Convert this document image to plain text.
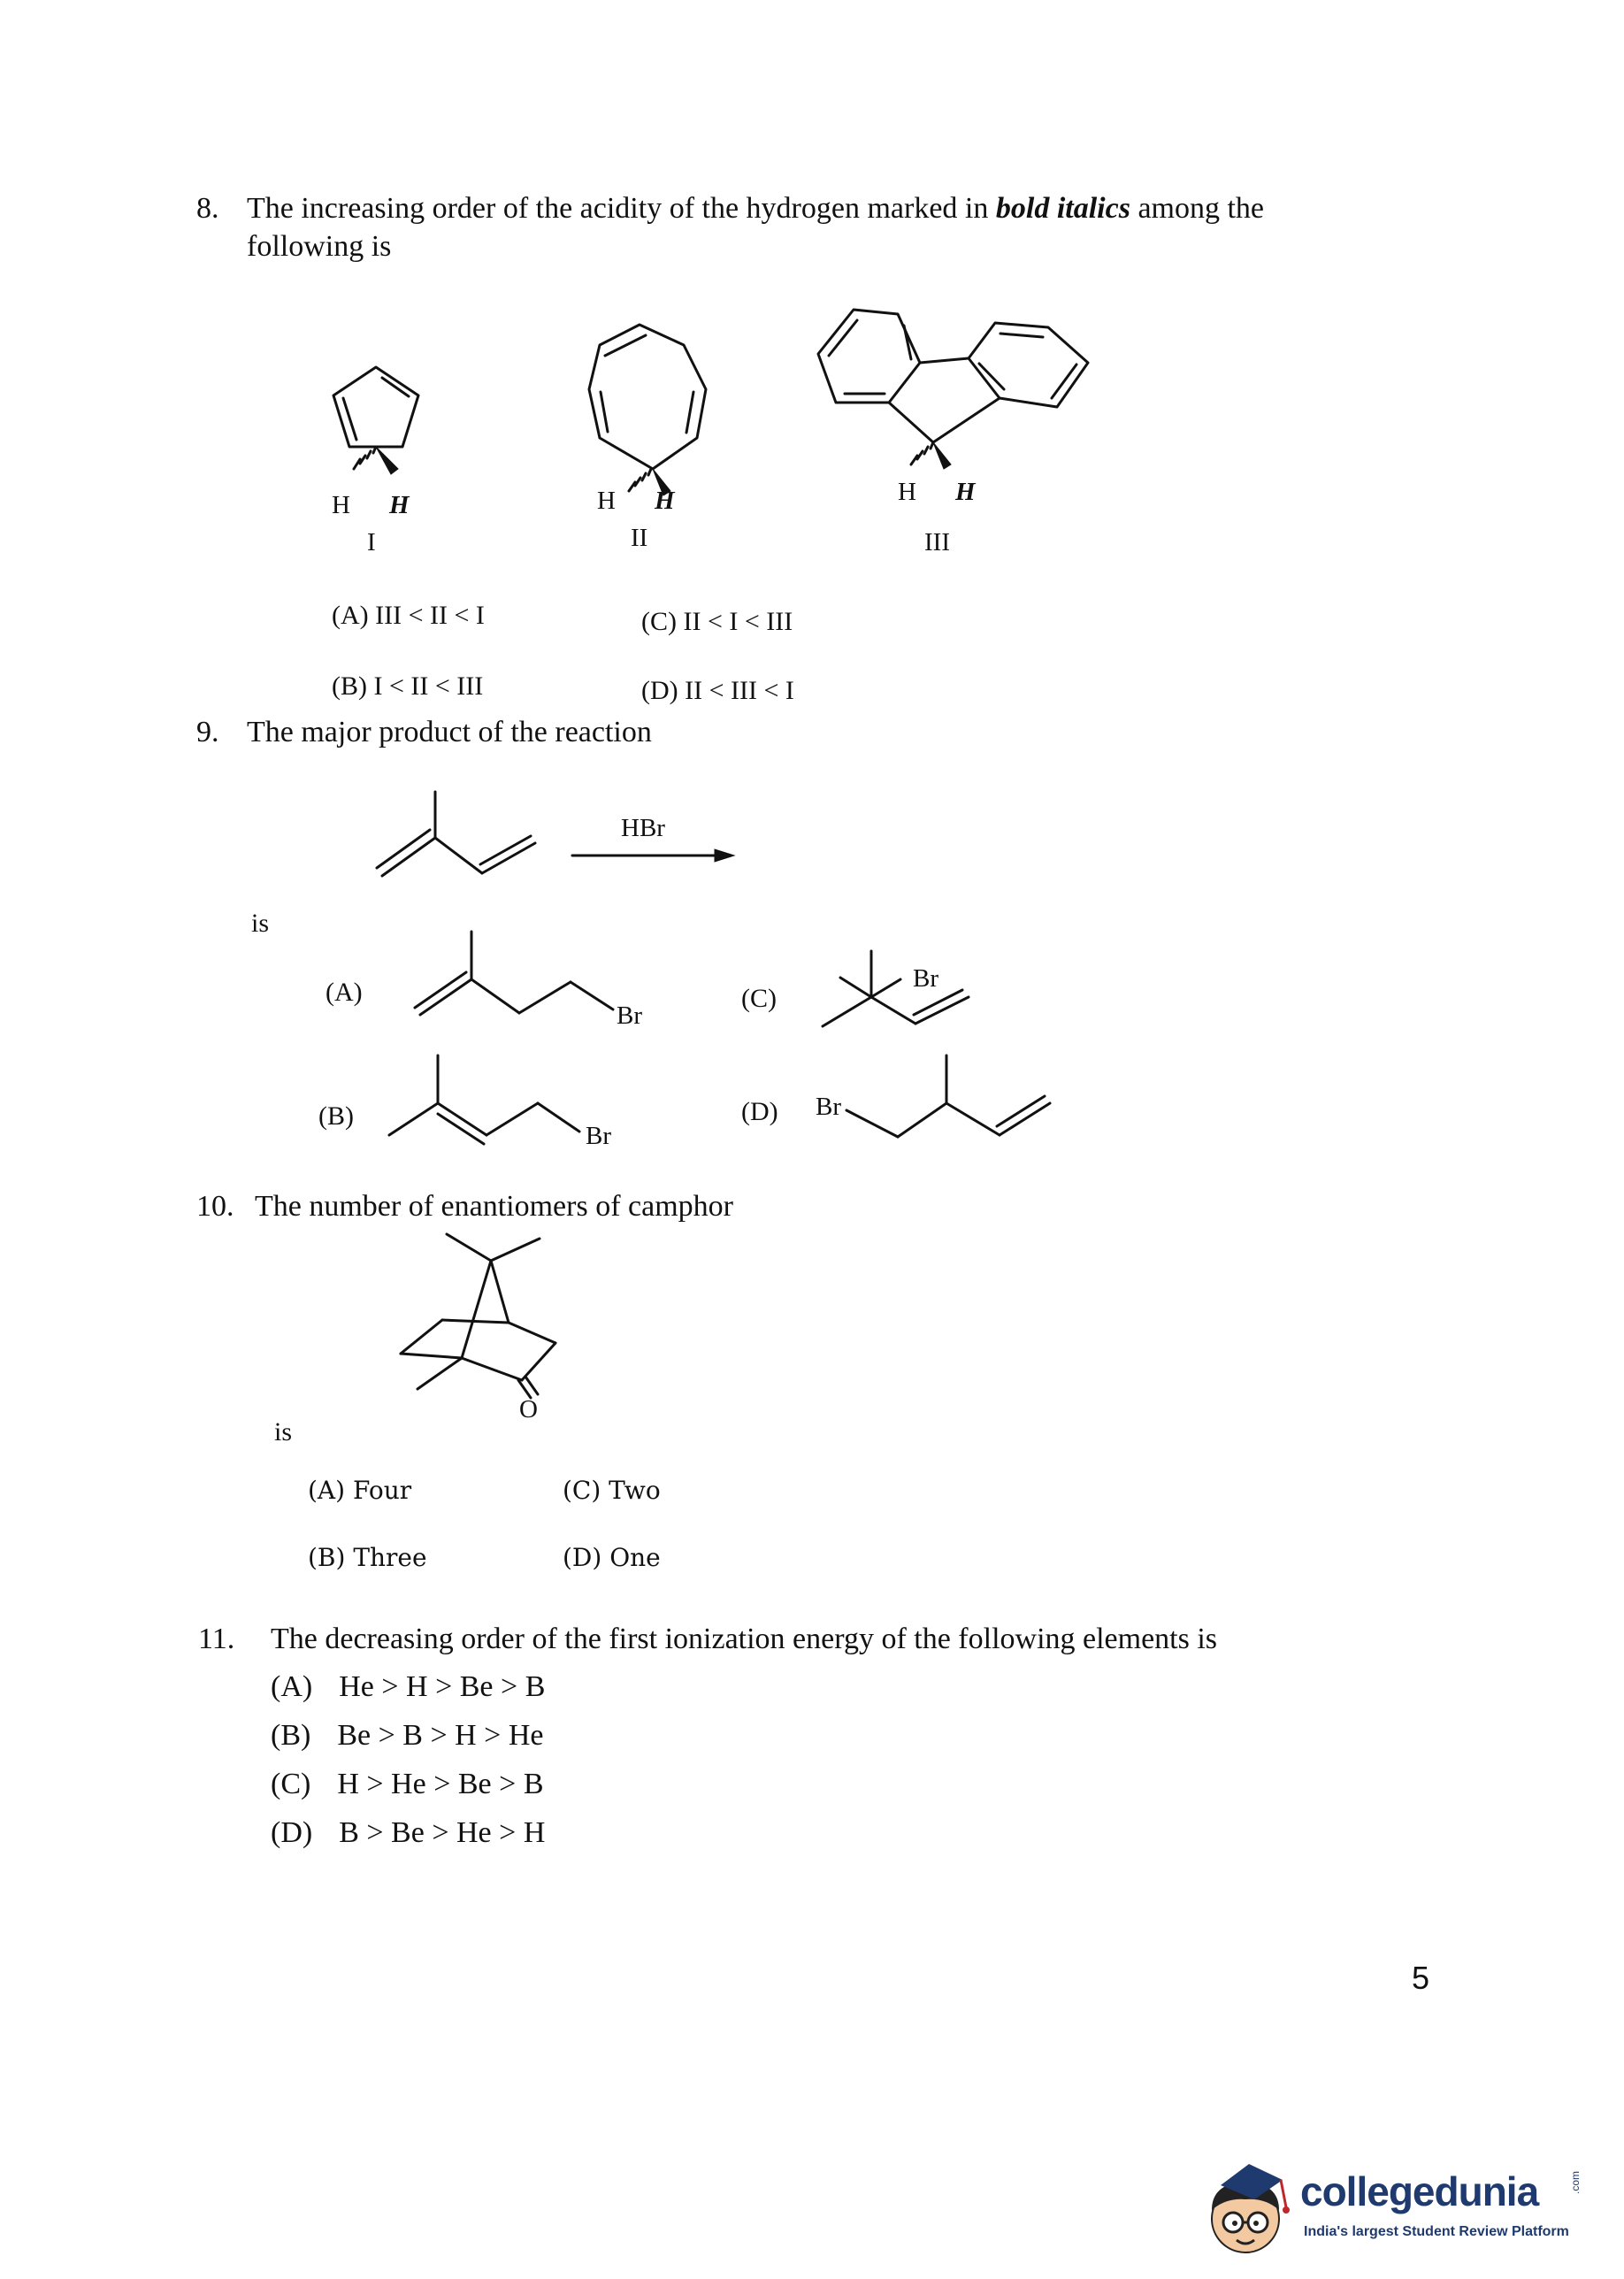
8. The increasing order of the acidity of the hydrogen marked in bold italics among the
following is
H H
I
H H
II
H H
III
(A) III < II < I	(C) II < I < III
(B) I < II < III	(D) II < III < I
9. The major product of the reaction
HBr
is
(A)
Br
(C)
Br
(B)
Br
(D) Br
10. The number of enantiomers of camphor
O
is
(A) Four	(C) Two
(B) Three	(D) One
11. The decreasing order of the first ionization energy of the following elements is
(A) He > H > Be > B
(B) Be > B > H > He
(C) H > He > Be > B
(D) B > Be > He > H
5
collegedunia	.com
India's largest Student Review Platform
